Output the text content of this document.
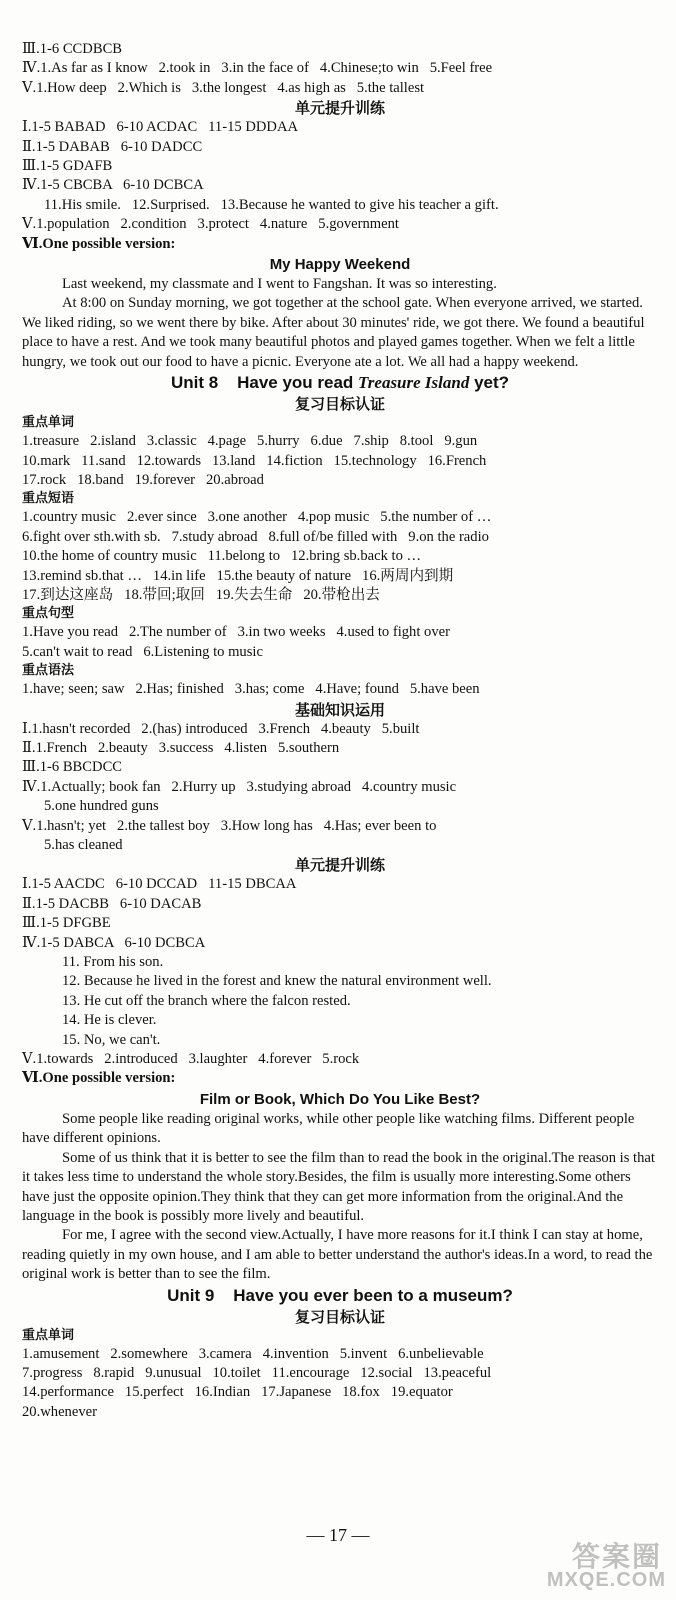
Ⅲ.1-6 CCDBCB
Ⅳ.1.As far as I know   2.took in   3.in the face of   4.Chinese;to win   5.Feel free
Ⅴ.1.How deep   2.Which is   3.the longest   4.as high as   5.the tallest
单元提升训练
Ⅰ.1-5 BABAD   6-10 ACDAC   11-15 DDDAA
Ⅱ.1-5 DABAB   6-10 DADCC
Ⅲ.1-5 GDAFB
Ⅳ.1-5 CBCBA   6-10 DCBCA
11.His smile.   12.Surprised.   13.Because he wanted to give his teacher a gift.
Ⅴ.1.population   2.condition   3.protect   4.nature   5.government
Ⅵ.One possible version:
My Happy Weekend
Last weekend, my classmate and I went to Fangshan. It was so interesting.
At 8:00 on Sunday morning, we got together at the school gate. When everyone arrived, we started. We liked riding, so we went there by bike. After about 30 minutes' ride, we got there. We found a beautiful place to have a rest. And we took many beautiful photos and played games together. When we felt a little hungry, we took out our food to have a picnic. Everyone ate a lot. We all had a happy weekend.
Unit 8    Have you read Treasure Island yet?
复习目标认证
重点单词
1.treasure   2.island   3.classic   4.page   5.hurry   6.due   7.ship   8.tool   9.gun
10.mark   11.sand   12.towards   13.land   14.fiction   15.technology   16.French
17.rock   18.band   19.forever   20.abroad
重点短语
1.country music   2.ever since   3.one another   4.pop music   5.the number of …
6.fight over sth.with sb.   7.study abroad   8.full of/be filled with   9.on the radio
10.the home of country music   11.belong to   12.bring sb.back to …
13.remind sb.that …   14.in life   15.the beauty of nature   16.两周内到期
17.到达这座岛   18.带回;取回   19.失去生命   20.带枪出去
重点句型
1.Have you read   2.The number of   3.in two weeks   4.used to fight over
5.can't wait to read   6.Listening to music
重点语法
1.have; seen; saw   2.Has; finished   3.has; come   4.Have; found   5.have been
基础知识运用
Ⅰ.1.hasn't recorded   2.(has) introduced   3.French   4.beauty   5.built
Ⅱ.1.French   2.beauty   3.success   4.listen   5.southern
Ⅲ.1-6 BBCDCC
Ⅳ.1.Actually; book fan   2.Hurry up   3.studying abroad   4.country music
5.one hundred guns
Ⅴ.1.hasn't; yet   2.the tallest boy   3.How long has   4.Has; ever been to
5.has cleaned
单元提升训练
Ⅰ.1-5 AACDC   6-10 DCCAD   11-15 DBCAA
Ⅱ.1-5 DACBB   6-10 DACAB
Ⅲ.1-5 DFGBE
Ⅳ.1-5 DABCA   6-10 DCBCA
11. From his son.
12. Because he lived in the forest and knew the natural environment well.
13. He cut off the branch where the falcon rested.
14. He is clever.
15. No, we can't.
Ⅴ.1.towards   2.introduced   3.laughter   4.forever   5.rock
Ⅵ.One possible version:
Film or Book, Which Do You Like Best?
Some people like reading original works, while other people like watching films. Different people have different opinions.
Some of us think that it is better to see the film than to read the book in the original.The reason is that it takes less time to understand the whole story.Besides, the film is usually more interesting.Some others have just the opposite opinion.They think that they can get more information from the original.And the language in the book is possibly more lively and beautiful.
For me, I agree with the second view.Actually, I have more reasons for it.I think I can stay at home, reading quietly in my own house, and I am able to better understand the author's ideas.In a word, to read the original work is better than to see the film.
Unit 9    Have you ever been to a museum?
复习目标认证
重点单词
1.amusement   2.somewhere   3.camera   4.invention   5.invent   6.unbelievable
7.progress   8.rapid   9.unusual   10.toilet   11.encourage   12.social   13.peaceful
14.performance   15.perfect   16.Indian   17.Japanese   18.fox   19.equator
20.whenever
— 17 —
答案圈
MXQE.COM
